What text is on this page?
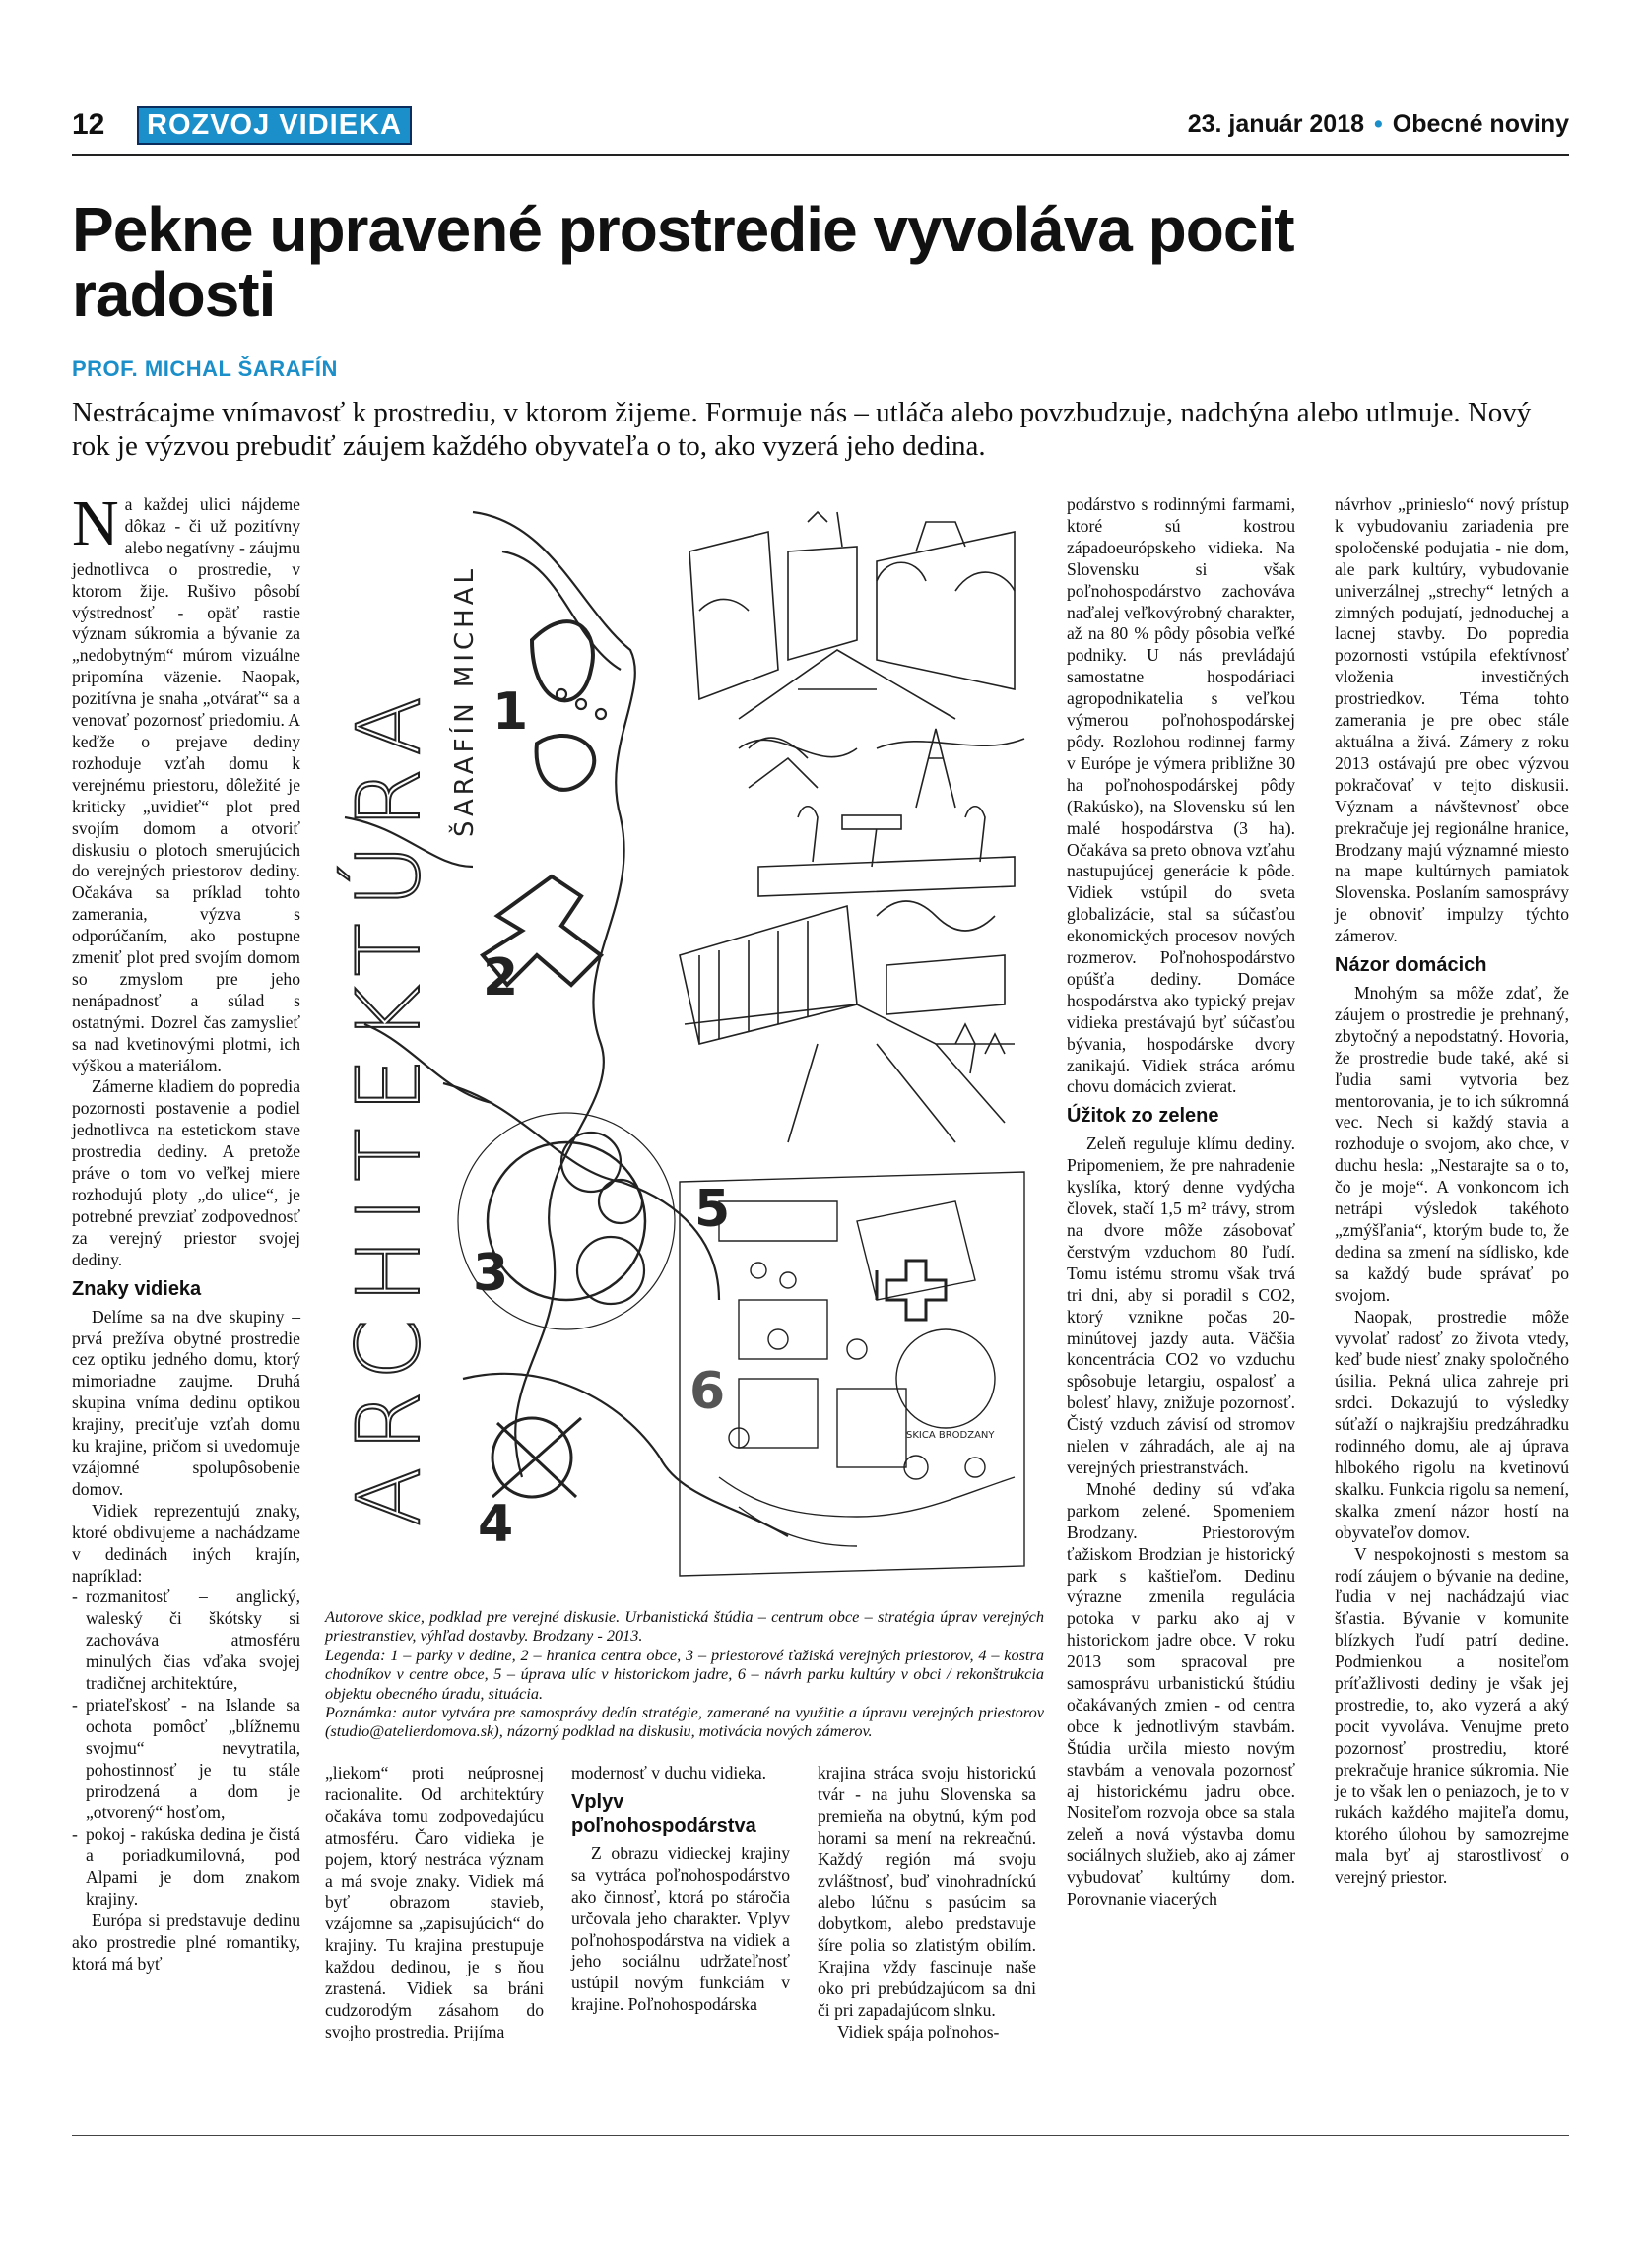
12	ROZVOJ VIDIEKA	23. január 2018 • Obecné noviny
Pekne upravené prostredie vyvoláva pocit radosti
PROF. MICHAL ŠARAFÍN

Nestrácajme vnímavosť k prostrediu, v ktorom žijeme. Formuje nás – utláča alebo povzbudzuje, nadchýna alebo utlmuje. Nový rok je výzvou prebudiť záujem každého obyvateľa o to, ako vyzerá jeho dedina.

Na každej ulici nájdeme dôkaz - či už pozitívny alebo negatívny - záujmu jednotlivca o prostredie, v ktorom žije. Rušivo pôsobí výstrednosť - opäť rastie význam súkromia a bývanie za „nedobytným“ múrom vizuálne pripomína väzenie. Naopak, pozitívna je snaha „otvárať“ sa a venovať pozornosť priedomiu. A keďže o prejave dediny rozhoduje vzťah domu k verejnému priestoru, dôležité je kriticky „uvidieť“ plot pred svojím domom a otvoriť diskusiu o plotoch smerujúcich do verejných priestorov dediny. Očakáva sa príklad tohto zamerania, výzva s odporúčaním, ako postupne zmeniť plot pred svojím domom so zmyslom pre jeho nenápadnosť a súlad s ostatnými. Dozrel čas zamyslieť sa nad kvetinovými plotmi, ich výškou a materiálom.

Zámerne kladiem do popredia pozornosti postavenie a podiel jednotlivca na estetickom stave prostredia dediny. A pretože práve o tom vo veľkej miere rozhodujú ploty „do ulice“, je potrebné prevziať zodpovednosť za verejný priestor svojej dediny.

Znaky vidieka

Delíme sa na dve skupiny – prvá prežíva obytné prostredie cez optiku jedného domu, ktorý mimoriadne zaujme. Druhá skupina vníma dedinu optikou krajiny, preciťuje vzťah domu ku krajine, pričom si uvedomuje vzájomné spolupôsobenie domov.

Vidiek reprezentujú znaky, ktoré obdivujeme a nachádzame v dedinách iných krajín, napríklad:

- rozmanitosť – anglický, waleský či škótsky si zachováva atmosféru minulých čias vďaka svojej tradičnej architektúre,
- priateľskosť - na Islande sa ochota pomôcť „blížnemu svojmu“ nevytratila, pohostinnosť je tu stále prirodzená a dom je „otvorený“ hosťom,
- pokoj - rakúska dedina je čistá a poriadkumilovná, pod Alpami je dom znakom krajiny.

Európa si predstavuje dedinu ako prostredie plné romantiky, ktorá má byť

ARCHITEKTÚRA ŠARAFÍN MICHAL 1
2
3
4
5
6
SKICA BRODZANY

Autorove skice, podklad pre verejné diskusie. Urbanistická štúdia – centrum obce – stratégia úprav verejných priestranstiev, výhľad dostavby. Brodzany - 2013.

Legenda: 1 – parky v dedine, 2 – hranica centra obce, 3 – priestorové ťažiská verejných priestorov, 4 – kostra chodníkov v centre obce, 5 – úprava ulíc v historickom jadre, 6 – návrh parku kultúry v obci / rekonštrukcia objektu obecného úradu, situácia.

Poznámka: autor vytvára pre samosprávy dedín stratégie, zamerané na využitie a úpravu verejných priestorov (studio@atelierdomova.sk), názorný podklad na diskusiu, motivácia nových zámerov.

„liekom“ proti neúprosnej racionalite. Od architektúry očakáva tomu zodpovedajúcu atmosféru. Čaro vidieka je pojem, ktorý nestráca význam a má svoje znaky. Vidiek má byť obrazom stavieb, vzájomne sa „zapisujúcich“ do krajiny. Tu krajina prestupuje každou dedinou, je s ňou zrastená. Vidiek sa bráni cudzorodým zásahom do svojho prostredia. Prijíma

modernosť v duchu vidieka.

Vplyv poľnohospodárstva

Z obrazu vidieckej krajiny sa vytráca poľnohospodárstvo ako činnosť, ktorá po stáročia určovala jeho charakter. Vplyv poľnohospodárstva na vidiek a jeho sociálnu udržateľnosť ustúpil novým funkciám v krajine. Poľnohospodárska

krajina stráca svoju historickú tvár - na juhu Slovenska sa premieňa na obytnú, kým pod horami sa mení na rekreačnú. Každý región má svoju zvláštnosť, buď vinohradníckú alebo lúčnu s pasúcim sa dobytkom, alebo predstavuje šíre polia so zlatistým obilím. Krajina vždy fascinuje naše oko pri prebúdzajúcom sa dni či pri zapadajúcom slnku.

Vidiek spája poľnohos-

podárstvo s rodinnými farmami, ktoré sú kostrou západoeurópskeho vidieka. Na Slovensku si však poľnohospodárstvo zachováva naďalej veľkovýrobný charakter, až na 80 % pôdy pôsobia veľké podniky. U nás prevládajú samostatne hospodáriaci agropodnikatelia s veľkou výmerou poľnohospodárskej pôdy. Rozlohou rodinnej farmy v Európe je výmera približne 30 ha poľnohospodárskej pôdy (Rakúsko), na Slovensku sú len malé hospodárstva (3 ha). Očakáva sa preto obnova vzťahu nastupujúcej generácie k pôde. Vidiek vstúpil do sveta globalizácie, stal sa súčasťou ekonomických procesov nových rozmerov. Poľnohospodárstvo opúšťa dediny. Domáce hospodárstva ako typický prejav vidieka prestávajú byť súčasťou bývania, hospodárske dvory zanikajú. Vidiek stráca arómu chovu domácich zvierat.

Úžitok zo zelene

Zeleň reguluje klímu dediny. Pripomeniem, že pre nahradenie kyslíka, ktorý denne vydýcha človek, stačí 1,5 m² trávy, strom na dvore môže zásobovať čerstvým vzduchom 80 ľudí. Tomu istému stromu však trvá tri dni, aby si poradil s CO2, ktorý vznikne počas 20-minútovej jazdy auta. Väčšia koncentrácia CO2 vo vzduchu spôsobuje letargiu, ospalosť a bolesť hlavy, znižuje pozornosť. Čistý vzduch závisí od stromov nielen v záhradách, ale aj na verejných priestranstvách.

Mnohé dediny sú vďaka parkom zelené. Spomeniem Brodzany. Priestorovým ťažiskom Brodzian je historický park s kaštieľom. Dedinu výrazne zmenila regulácia potoka v parku ako aj v historickom jadre obce. V roku 2013 som spracoval pre samosprávu urbanistickú štúdiu očakávaných zmien - od centra obce k jednotlivým stavbám. Štúdia určila miesto novým stavbám a venovala pozornosť aj historickému jadru obce. Nositeľom rozvoja obce sa stala zeleň a nová výstavba domu sociálnych služieb, ako aj zámer vybudovať kultúrny dom. Porovnanie viacerých

návrhov „prinieslo“ nový prístup k vybudovaniu zariadenia pre spoločenské podujatia - nie dom, ale park kultúry, vybudovanie univerzálnej „strechy“ letných a zimných podujatí, jednoduchej a lacnej stavby. Do popredia pozornosti vstúpila efektívnosť vloženia investičných prostriedkov. Téma tohto zamerania je pre obec stále aktuálna a živá. Zámery z roku 2013 ostávajú pre obec výzvou pokračovať v tejto diskusii. Význam a návštevnosť obce prekračuje jej regionálne hranice, Brodzany majú významné miesto na mape kultúrnych pamiatok Slovenska. Poslaním samosprávy je obnoviť impulzy týchto zámerov.

Názor domácich

Mnohým sa môže zdať, že záujem o prostredie je prehnaný, zbytočný a nepodstatný. Hovoria, že prostredie bude také, aké si ľudia sami vytvoria bez mentorovania, je to ich súkromná vec. Nech si každý stavia a rozhoduje o svojom, ako chce, v duchu hesla: „Nestarajte sa o to, čo je moje“. A vonkoncom ich netrápi výsledok takéhoto „zmýšľania“, ktorým bude to, že dedina sa zmení na sídlisko, kde sa každý bude správať po svojom.

Naopak, prostredie môže vyvolať radosť zo života vtedy, keď bude niesť znaky spoločného úsilia. Pekná ulica zahreje pri srdci. Dokazujú to výsledky súťaží o najkrajšiu predzáhradku rodinného domu, ale aj úprava hlbokého rigolu na kvetinovú skalku. Funkcia rigolu sa nemení, skalka zmení názor hostí na obyvateľov domov.

V nespokojnosti s mestom sa rodí záujem o bývanie na dedine, ľudia v nej nachádzajú viac šťastia. Bývanie v komunite blízkych ľudí patrí dedine. Podmienkou a nositeľom príťažlivosti dediny je však jej prostredie, to, ako vyzerá a aký pocit vyvoláva. Venujme preto pozornosť prostrediu, ktoré prekračuje hranice súkromia. Nie je to však len o peniazoch, je to v rukách každého majiteľa domu, ktorého úlohou by samozrejme mala byť aj starostlivosť o verejný priestor.
